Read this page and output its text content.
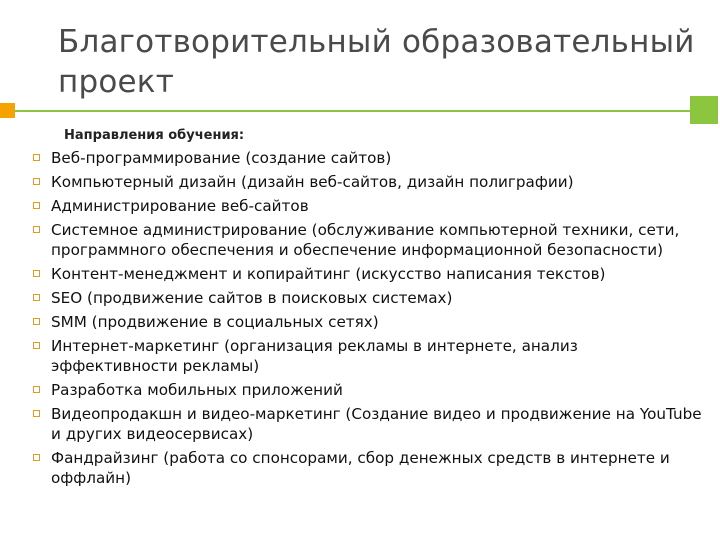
Благотворительный образовательный проект
Направления обучения:
Веб-программирование (создание сайтов)
Компьютерный дизайн (дизайн веб-сайтов, дизайн полиграфии)
Администрирование веб-сайтов
Системное администрирование (обслуживание компьютерной техники, сети, программного обеспечения и обеспечение информационной безопасности)
Контент-менеджмент и копирайтинг (искусство написания текстов)
SEO (продвижение сайтов в поисковых системах)
SMM (продвижение в социальных сетях)
Интернет-маркетинг (организация рекламы в интернете, анализ эффективности рекламы)
Разработка мобильных приложений
Видеопродакшн и видео-маркетинг (Создание видео и продвижение на YouTube и других видеосервисах)
Фандрайзинг (работа со спонсорами, сбор денежных средств в интернете и оффлайн)
